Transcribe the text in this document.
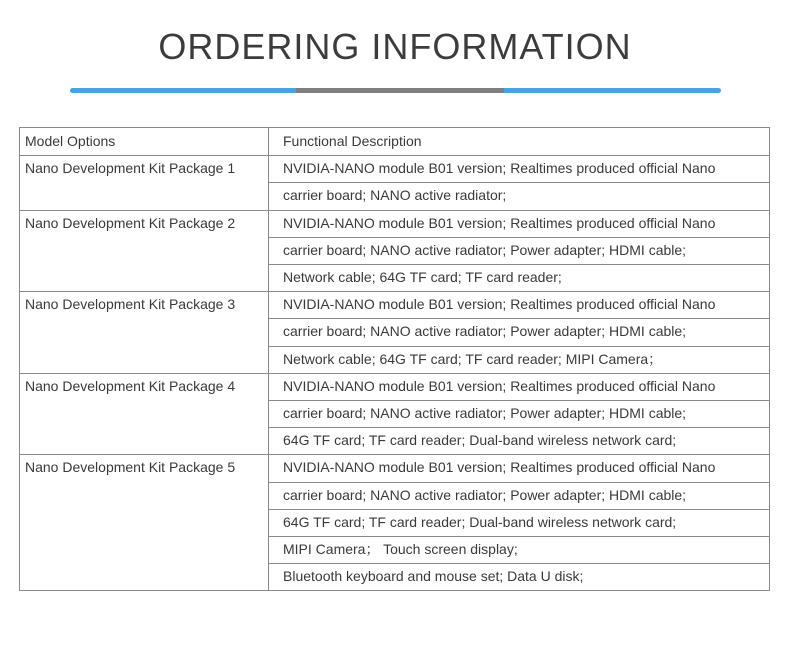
ORDERING INFORMATION
Model Options	Functional Description
Nano Development Kit Package 1	NVIDIA-NANO module B01 version; Realtimes produced official Nano
carrier board; NANO active radiator;
Nano Development Kit Package 2	NVIDIA-NANO module B01 version; Realtimes produced official Nano
carrier board; NANO active radiator; Power adapter; HDMI cable;
Network cable; 64G TF card; TF card reader;
Nano Development Kit Package 3	NVIDIA-NANO module B01 version; Realtimes produced official Nano
carrier board; NANO active radiator; Power adapter; HDMI cable;
Network cable; 64G TF card; TF card reader; MIPI Camera；
Nano Development Kit Package 4	NVIDIA-NANO module B01 version; Realtimes produced official Nano
carrier board; NANO active radiator; Power adapter; HDMI cable;
64G TF card; TF card reader; Dual-band wireless network card;
Nano Development Kit Package 5	NVIDIA-NANO module B01 version; Realtimes produced official Nano
carrier board; NANO active radiator; Power adapter; HDMI cable;
64G TF card; TF card reader; Dual-band wireless network card;
MIPI Camera； Touch screen display;
Bluetooth keyboard and mouse set; Data U disk;
